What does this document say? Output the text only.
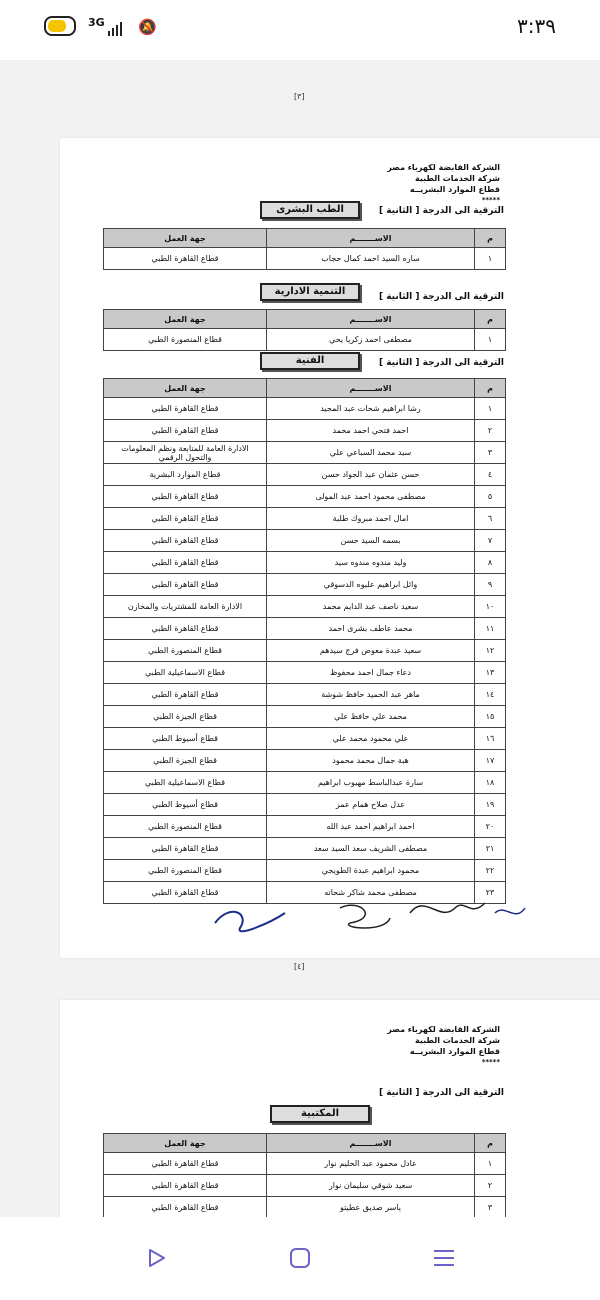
3G 🔕	٣:٣٩
[٣]
الشركة القابضة لكهرباء مصر
شركة الخدمات الطبية
قطاع الموارد البشريــه
*****
الترقية الى الدرجة [ الثانية ]
الطب البشرى
م	الاســـــــم	جهة العمل
١	ساره السيد احمد كمال حجاب	قطاع القاهرة الطبي
الترقية الى الدرجة [ الثانية ]
التنمية الادارية
م	الاســـــــم	جهة العمل
١	مصطفى احمد زكريا يحي	قطاع المنصورة الطبي
الترقية الى الدرجة [ الثانية ]
الفنية
م	الاســـــــم	جهة العمل
١	رشا ابراهيم شحات عبد المجيد	قطاع القاهرة الطبي
٢	احمد فتحي احمد محمد	قطاع القاهرة الطبي
٣	سيد محمد السباعي علي	الادارة العامة للمتابعة ونظم المعلومات والتحول الرقمي
٤	حسن عثمان عبد الجواد حسن	قطاع الموارد البشرية
٥	مصطفى محمود احمد عبد المولى	قطاع القاهرة الطبي
٦	امال احمد مبروك طلبة	قطاع القاهرة الطبي
٧	بسمه السيد حسن	قطاع القاهرة الطبي
٨	وليد مندوه مندوه سيد	قطاع القاهرة الطبي
٩	وائل ابراهيم عليوه الدسوقي	قطاع القاهرة الطبي
١٠	سعيد ناصف عبد الدايم محمد	الادارة العامة للمشتريات والمخازن
١١	محمد عاطف بشرى احمد	قطاع القاهرة الطبي
١٢	سعيد عبدة معوض فرج سيدهم	قطاع المنصورة الطبي
١٣	دعاء جمال احمد محفوظ	قطاع الاسماعيلية الطبي
١٤	ماهر عبد الحميد حافظ شوشة	قطاع القاهرة الطبي
١٥	محمد علي حافظ علي	قطاع الجيزة الطبي
١٦	علي محمود محمد علي	قطاع أسيوط الطبي
١٧	هبة جمال محمد محمود	قطاع الجيزة الطبي
١٨	سارة عبدالباسط مهيوب ابراهيم	قطاع الاسماعيلية الطبي
١٩	عدل صلاح همام عمر	قطاع أسيوط الطبي
٢٠	احمد ابراهيم احمد عبد الله	قطاع المنصورة الطبي
٢١	مصطفى الشريف سعد السيد سعد	قطاع القاهرة الطبي
٢٢	محمود ابراهيم عبدة الطويجي	قطاع المنصورة الطبي
٢٣	مصطفى محمد شاكر شحاته	قطاع القاهرة الطبي
[٤]
الشركة القابضة لكهرباء مصر
شركة الخدمات الطبية
قطاع الموارد البشريــه
*****
الترقية الى الدرجة [ الثانية ]
المكتبية
م	الاســـــــم	جهة العمل
١	عادل محمود عبد الحليم نوار	قطاع القاهرة الطبي
٢	سعيد شوقي سليمان نوار	قطاع القاهرة الطبي
٣	ياسر صديق عطيتو	قطاع القاهرة الطبي
